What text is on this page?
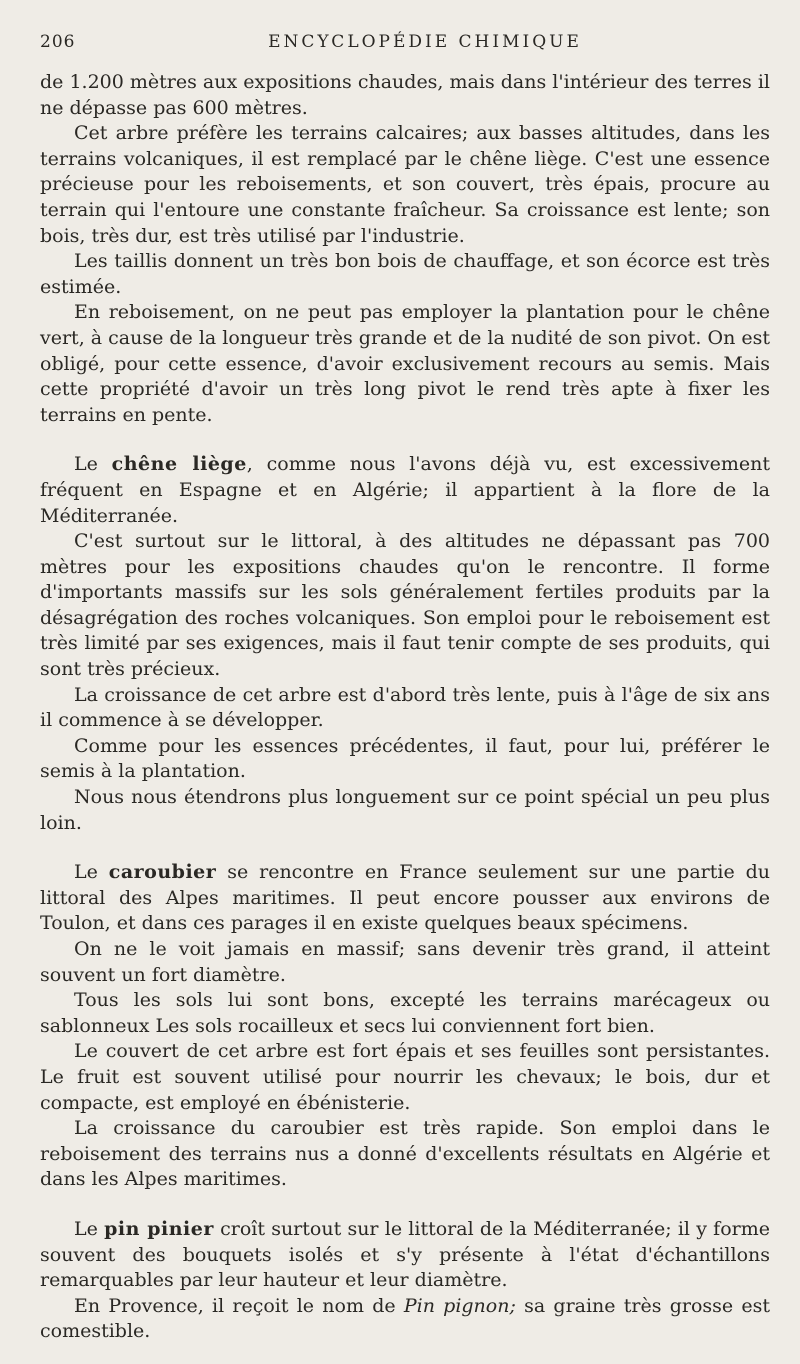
206	ENCYCLOPÉDIE CHIMIQUE

de 1.200 mètres aux expositions chaudes, mais dans l'intérieur des terres il ne dépasse pas 600 mètres.

Cet arbre préfère les terrains calcaires; aux basses altitudes, dans les terrains volcaniques, il est remplacé par le chêne liège. C'est une essence précieuse pour les reboisements, et son couvert, très épais, procure au terrain qui l'entoure une constante fraîcheur. Sa croissance est lente; son bois, très dur, est très utilisé par l'industrie.

Les taillis donnent un très bon bois de chauffage, et son écorce est très estimée.

En reboisement, on ne peut pas employer la plantation pour le chêne vert, à cause de la longueur très grande et de la nudité de son pivot. On est obligé, pour cette essence, d'avoir exclusivement recours au semis. Mais cette propriété d'avoir un très long pivot le rend très apte à fixer les terrains en pente.

Le chêne liège, comme nous l'avons déjà vu, est excessivement fréquent en Espagne et en Algérie; il appartient à la flore de la Méditerranée.

C'est surtout sur le littoral, à des altitudes ne dépassant pas 700 mètres pour les expositions chaudes qu'on le rencontre. Il forme d'importants massifs sur les sols généralement fertiles produits par la désagrégation des roches volcaniques. Son emploi pour le reboisement est très limité par ses exigences, mais il faut tenir compte de ses produits, qui sont très précieux.

La croissance de cet arbre est d'abord très lente, puis à l'âge de six ans il commence à se développer.

Comme pour les essences précédentes, il faut, pour lui, préférer le semis à la plantation.

Nous nous étendrons plus longuement sur ce point spécial un peu plus loin.

Le caroubier se rencontre en France seulement sur une partie du littoral des Alpes maritimes. Il peut encore pousser aux environs de Toulon, et dans ces parages il en existe quelques beaux spécimens.

On ne le voit jamais en massif; sans devenir très grand, il atteint souvent un fort diamètre.

Tous les sols lui sont bons, excepté les terrains marécageux ou sablonneux Les sols rocailleux et secs lui conviennent fort bien.

Le couvert de cet arbre est fort épais et ses feuilles sont persistantes. Le fruit est souvent utilisé pour nourrir les chevaux; le bois, dur et compacte, est employé en ébénisterie.

La croissance du caroubier est très rapide. Son emploi dans le reboisement des terrains nus a donné d'excellents résultats en Algérie et dans les Alpes maritimes.

Le pin pinier croît surtout sur le littoral de la Méditerranée; il y forme souvent des bouquets isolés et s'y présente à l'état d'échantillons remarquables par leur hauteur et leur diamètre.

En Provence, il reçoit le nom de Pin pignon; sa graine très grosse est comestible.
